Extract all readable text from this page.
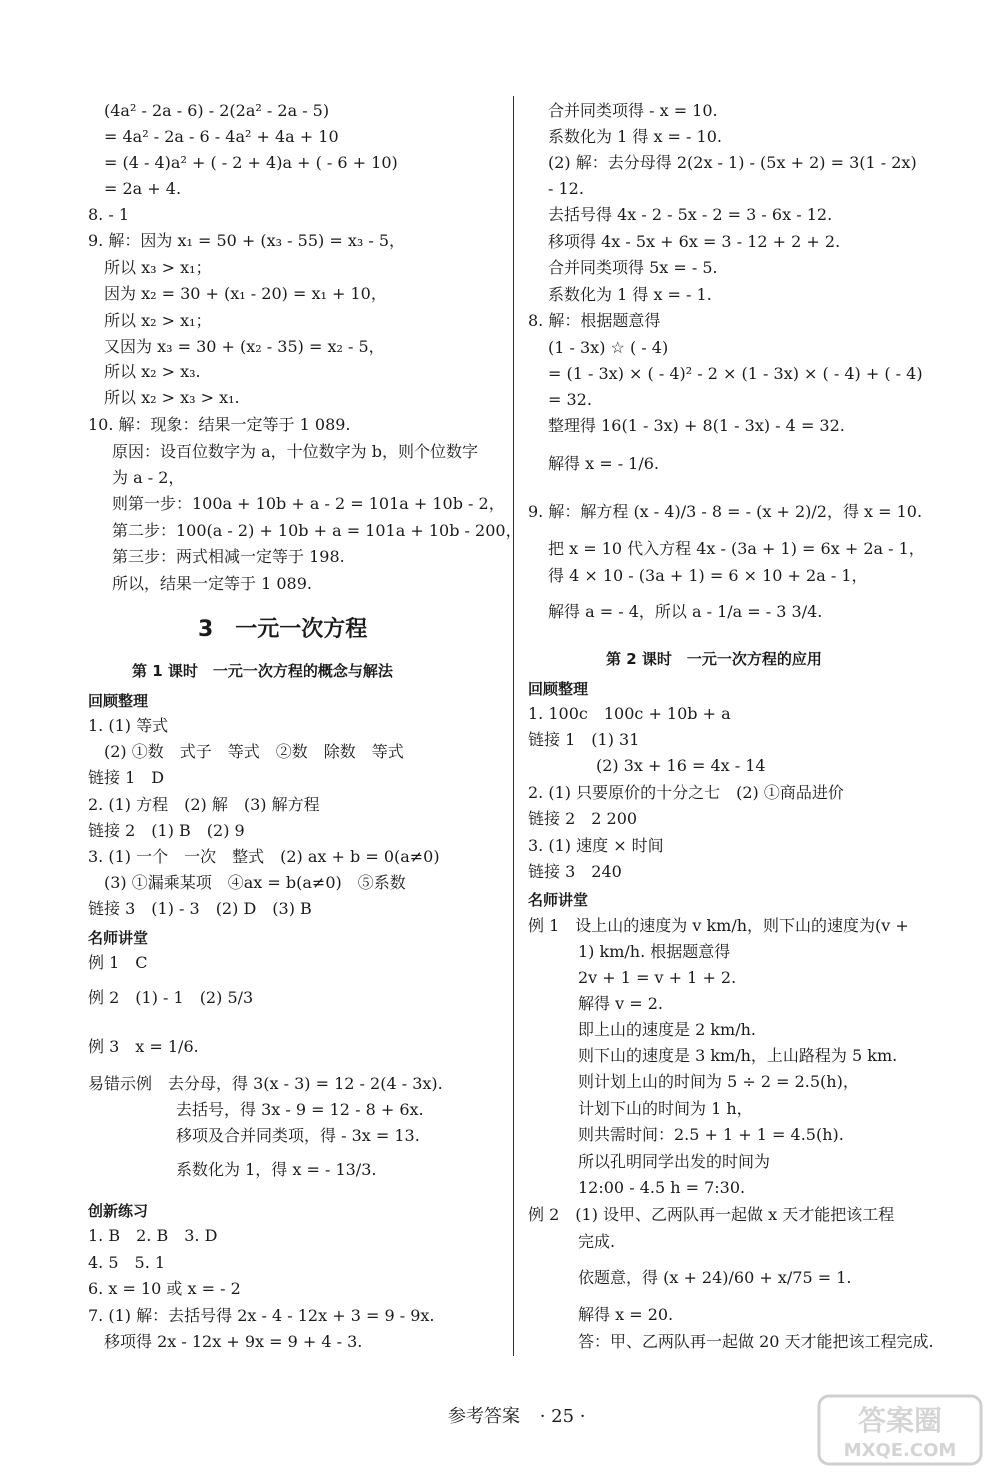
(4a² - 2a - 6) - 2(2a² - 2a - 5)
= 4a² - 2a - 6 - 4a² + 4a + 10
= (4 - 4)a² + ( - 2 + 4)a + ( - 6 + 10)
= 2a + 4.
8. - 1
9. 解：因为 x₁ = 50 + (x₃ - 55) = x₃ - 5，
所以 x₃ > x₁；
因为 x₂ = 30 + (x₁ - 20) = x₁ + 10，
所以 x₂ > x₁；
又因为 x₃ = 30 + (x₂ - 35) = x₂ - 5，
所以 x₂ > x₃.
所以 x₂ > x₃ > x₁.
10. 解：现象：结果一定等于 1 089.
原因：设百位数字为 a，十位数字为 b，则个位数字
为 a - 2，
则第一步：100a + 10b + a - 2 = 101a + 10b - 2，
第二步：100(a - 2) + 10b + a = 101a + 10b - 200，
第三步：两式相减一定等于 198.
所以，结果一定等于 1 089.
3　一元一次方程
第 1 课时　一元一次方程的概念与解法
回顾整理
1. (1) 等式
(2) ①数　式子　等式　②数　除数　等式
链接 1　D
2. (1) 方程　(2) 解　(3) 解方程
链接 2　(1) B　(2) 9
3. (1) 一个　一次　整式　(2) ax + b = 0(a≠0)
(3) ①漏乘某项　④ax = b(a≠0)　⑤系数
链接 3　(1) - 3　(2) D　(3) B
名师讲堂
例 1　C
例 2　(1) - 1　(2) 5/3
例 3　x = 1/6.
易错示例　去分母，得 3(x - 3) = 12 - 2(4 - 3x).
去括号，得 3x - 9 = 12 - 8 + 6x.
移项及合并同类项，得 - 3x = 13.
系数化为 1，得 x = - 13/3.
创新练习
1. B　2. B　3. D
4. 5　5. 1
6. x = 10 或 x = - 2
7. (1) 解：去括号得 2x - 4 - 12x + 3 = 9 - 9x.
移项得 2x - 12x + 9x = 9 + 4 - 3.
合并同类项得 - x = 10.
系数化为 1 得 x = - 10.
(2) 解：去分母得 2(2x - 1) - (5x + 2) = 3(1 - 2x)
- 12.
去括号得 4x - 2 - 5x - 2 = 3 - 6x - 12.
移项得 4x - 5x + 6x = 3 - 12 + 2 + 2.
合并同类项得 5x = - 5.
系数化为 1 得 x = - 1.
8. 解：根据题意得
(1 - 3x) ☆ ( - 4)
= (1 - 3x) × ( - 4)² - 2 × (1 - 3x) × ( - 4) + ( - 4)
= 32.
整理得 16(1 - 3x) + 8(1 - 3x) - 4 = 32.
解得 x = - 1/6.
9. 解：解方程 (x - 4)/3 - 8 = - (x + 2)/2，得 x = 10.
把 x = 10 代入方程 4x - (3a + 1) = 6x + 2a - 1，
得 4 × 10 - (3a + 1) = 6 × 10 + 2a - 1，
解得 a = - 4，所以 a - 1/a = - 3 3/4.
第 2 课时　一元一次方程的应用
回顾整理
1. 100c　100c + 10b + a
链接 1　(1) 31
(2) 3x + 16 = 4x - 14
2. (1) 只要原价的十分之七　(2) ①商品进价
链接 2　2 200
3. (1) 速度 × 时间
链接 3　240
名师讲堂
例 1　设上山的速度为 v km/h，则下山的速度为(v +
1) km/h. 根据题意得
2v + 1 = v + 1 + 2.
解得 v = 2.
即上山的速度是 2 km/h.
则下山的速度是 3 km/h，上山路程为 5 km.
则计划上山的时间为 5 ÷ 2 = 2.5(h)，
计划下山的时间为 1 h，
则共需时间：2.5 + 1 + 1 = 4.5(h).
所以孔明同学出发的时间为
12:00 - 4.5 h = 7:30.
例 2　(1) 设甲、乙两队再一起做 x 天才能把该工程
完成.
依题意，得 (x + 24)/60 + x/75 = 1.
解得 x = 20.
答：甲、乙两队再一起做 20 天才能把该工程完成.
参考答案 · 25 ·	答案圈
MXQE.COM
